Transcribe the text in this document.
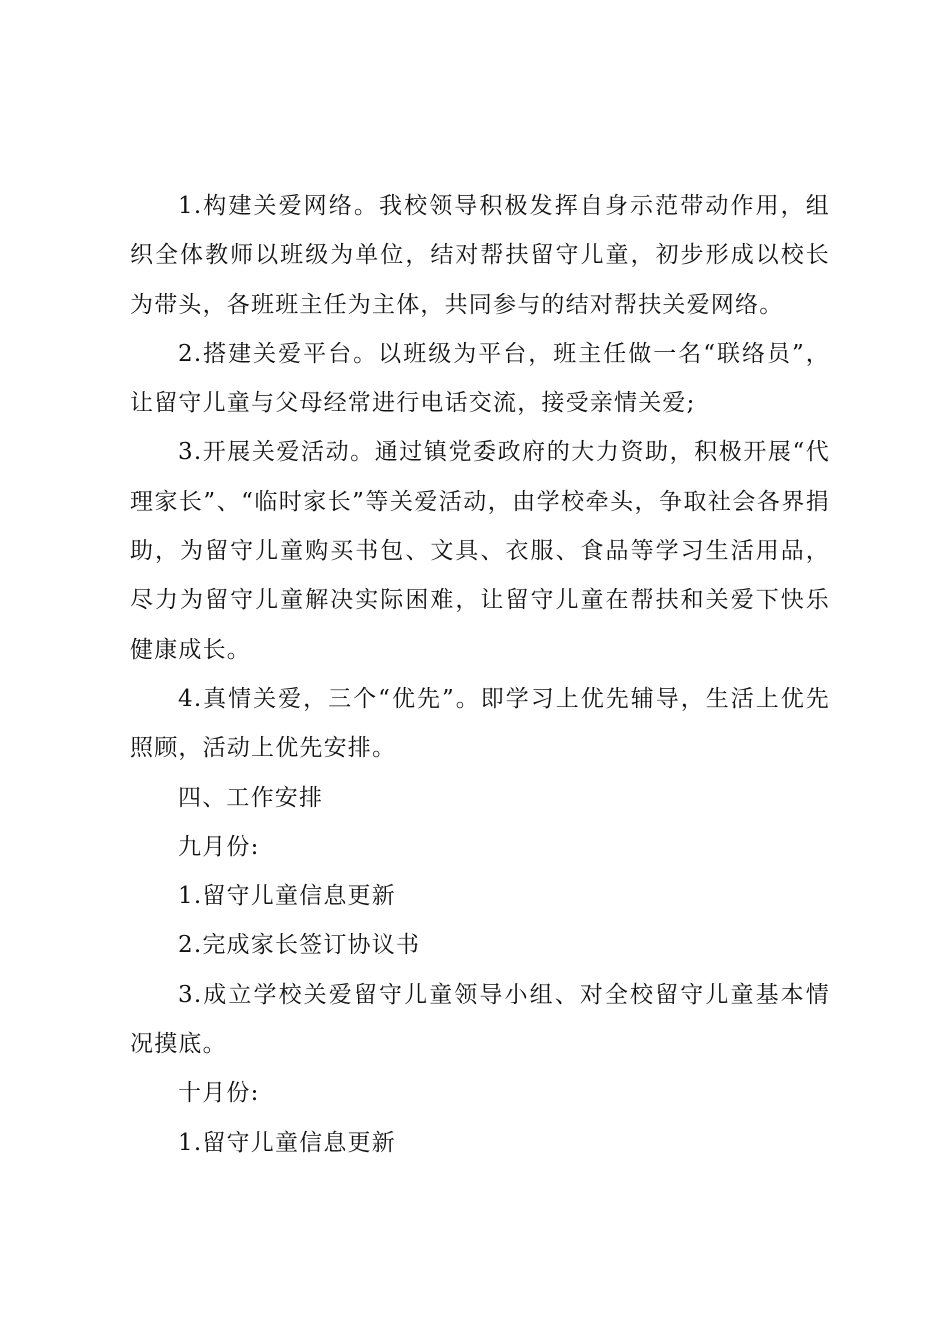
1.构建关爱网络。我校领导积极发挥自身示范带动作用，组织全体教师以班级为单位，结对帮扶留守儿童，初步形成以校长为带头，各班班主任为主体，共同参与的结对帮扶关爱网络。

2.搭建关爱平台。以班级为平台，班主任做一名“联络员”，让留守儿童与父母经常进行电话交流，接受亲情关爱;

3.开展关爱活动。通过镇党委政府的大力资助，积极开展“代理家长”、“临时家长”等关爱活动，由学校牵头，争取社会各界捐助，为留守儿童购买书包、文具、衣服、食品等学习生活用品，尽力为留守儿童解决实际困难，让留守儿童在帮扶和关爱下快乐健康成长。

4.真情关爱，三个“优先”。即学习上优先辅导，生活上优先照顾，活动上优先安排。

四、工作安排

九月份:

1.留守儿童信息更新

2.完成家长签订协议书

3.成立学校关爱留守儿童领导小组、对全校留守儿童基本情况摸底。

十月份:

1.留守儿童信息更新
